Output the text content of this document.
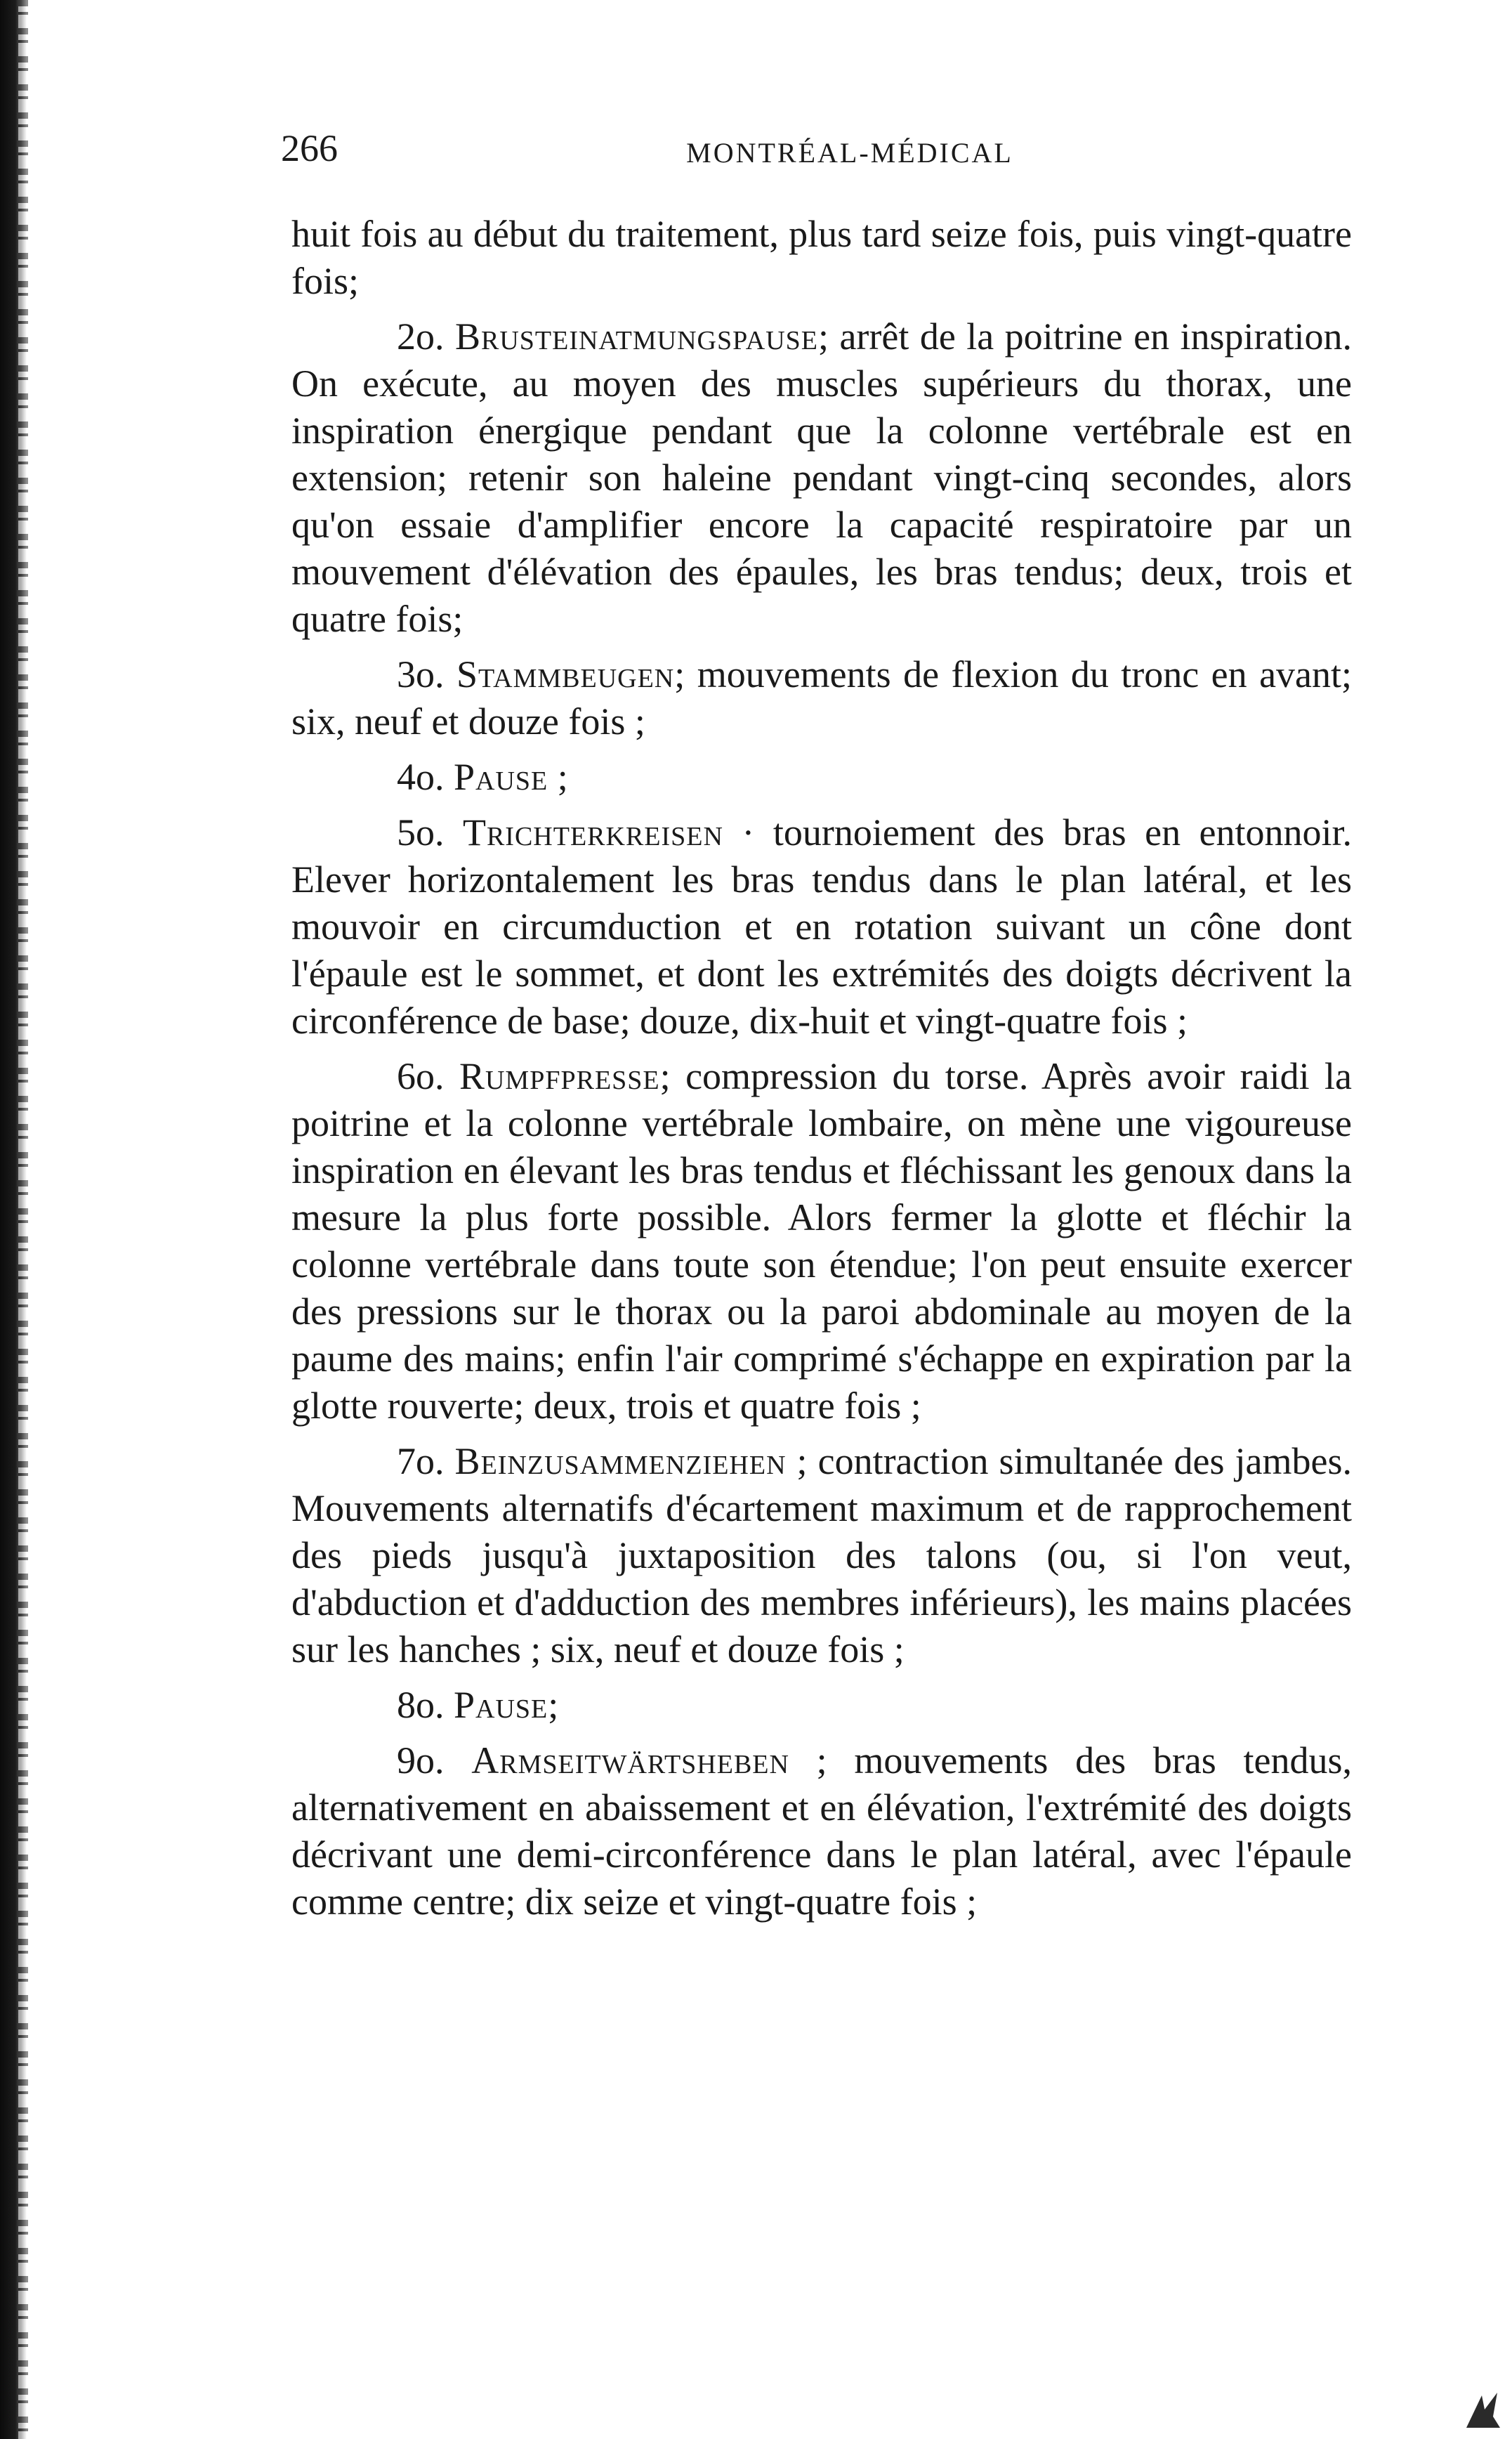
266	MONTRÉAL-MÉDICAL

huit fois au début du traitement, plus tard seize fois, puis vingt-quatre fois;

2o. Brusteinatmungspause; arrêt de la poitrine en inspiration. On exécute, au moyen des muscles supérieurs du thorax, une inspiration énergique pendant que la colonne vertébrale est en extension; retenir son haleine pendant vingt-cinq secondes, alors qu'on essaie d'amplifier encore la capacité respiratoire par un mouvement d'élévation des épaules, les bras tendus; deux, trois et quatre fois;

3o. Stammbeugen; mouvements de flexion du tronc en avant; six, neuf et douze fois ;

4o. Pause ;

5o. Trichterkreisen · tournoiement des bras en entonnoir. Elever horizontalement les bras tendus dans le plan latéral, et les mouvoir en circumduction et en rotation suivant un cône dont l'épaule est le sommet, et dont les extrémités des doigts décrivent la circonférence de base; douze, dix-huit et vingt-quatre fois ;

6o. Rumpfpresse; compression du torse. Après avoir raidi la poitrine et la colonne vertébrale lombaire, on mène une vigoureuse inspiration en élevant les bras tendus et fléchissant les genoux dans la mesure la plus forte possible. Alors fermer la glotte et fléchir la colonne vertébrale dans toute son étendue; l'on peut ensuite exercer des pressions sur le thorax ou la paroi abdominale au moyen de la paume des mains; enfin l'air comprimé s'échappe en expiration par la glotte rouverte; deux, trois et quatre fois ;

7o. Beinzusammenziehen ; contraction simultanée des jambes. Mouvements alternatifs d'écartement maximum et de rapprochement des pieds jusqu'à juxtaposition des talons (ou, si l'on veut, d'abduction et d'adduction des membres inférieurs), les mains placées sur les hanches ; six, neuf et douze fois ;

8o. Pause;

9o. Armseitwärtsheben ; mouvements des bras tendus, alternativement en abaissement et en élévation, l'extrémité des doigts décrivant une demi-circonférence dans le plan latéral, avec l'épaule comme centre; dix seize et vingt-quatre fois ;
